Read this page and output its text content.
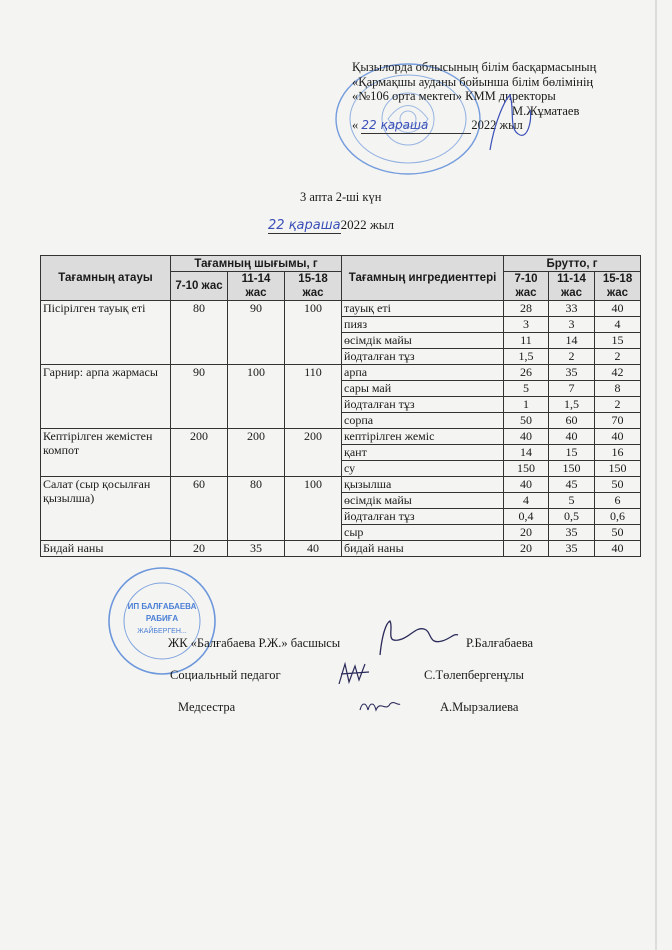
Қызылорда облысының білім басқармасының
«Қармақшы ауданы бойынша білім бөлімінің
«№106 орта мектеп» КММ директоры
М.Жұматаев
« 22 қараша	2022 жыл
3 апта 2-ші күн
22 қараша2022 жыл
Тағамның атауы	Тағамның шығымы, г			Тағамның ингредиенттері	Брутто, г		
	7-10 жас	11-14 жас	15-18 жас		7-10 жас	11-14 жас	15-18 жас
Пісірілген тауық еті	80	90	100	тауық еті	28	33	40
				пияз	3	3	4
				өсімдік майы	11	14	15
				йодталған тұз	1,5	2	2
Гарнир: арпа жармасы	90	100	110	арпа	26	35	42
				сары май	5	7	8
				йодталған тұз	1	1,5	2
				сорпа	50	60	70
Кептірілген жемістен компот	200	200	200	кептірілген жеміс	40	40	40
				қант	14	15	16
				су	150	150	150
Салат (сыр қосылған қызылша)	60	80	100	қызылша	40	45	50
				өсімдік майы	4	5	6
				йодталған тұз	0,4	0,5	0,6
				сыр	20	35	50
Бидай наны	20	35	40	бидай наны	20	35	40
ИП БАЛҒАБАЕВА
РАБИҒА
ЖАЙБЕРГЕН...
ЖК «Балғабаева Р.Ж.» басшысы	Р.Балғабаева
Социальный педагог	С.Төлепбергенұлы
Медсестра	А.Мырзалиева
